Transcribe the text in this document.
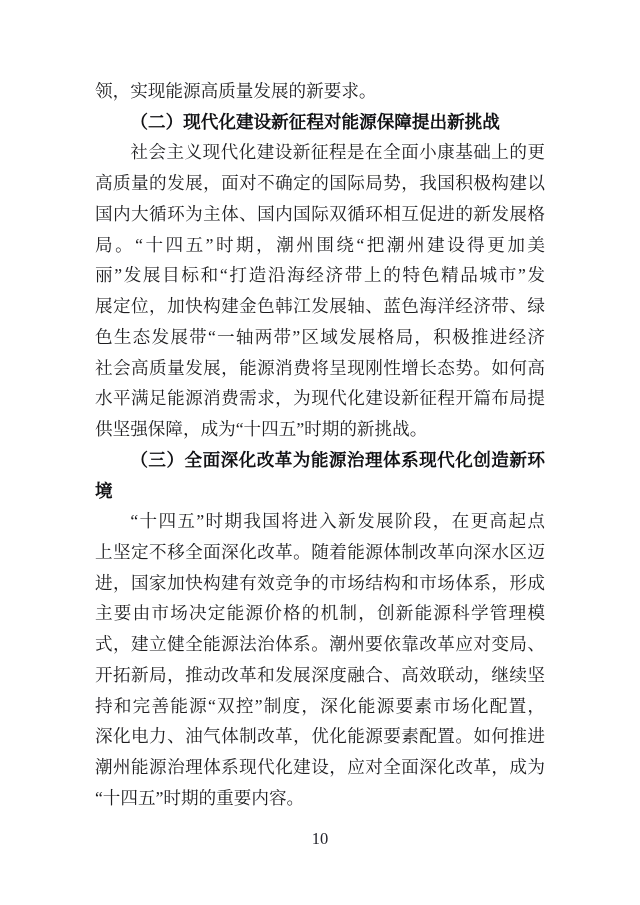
领，实现能源高质量发展的新要求。
（二）现代化建设新征程对能源保障提出新挑战
社会主义现代化建设新征程是在全面小康基础上的更
高质量的发展，面对不确定的国际局势，我国积极构建以
国内大循环为主体、国内国际双循环相互促进的新发展格
局。“十四五”时期，潮州围绕“把潮州建设得更加美
丽”发展目标和“打造沿海经济带上的特色精品城市”发
展定位，加快构建金色韩江发展轴、蓝色海洋经济带、绿
色生态发展带“一轴两带”区域发展格局，积极推进经济
社会高质量发展，能源消费将呈现刚性增长态势。如何高
水平满足能源消费需求，为现代化建设新征程开篇布局提
供坚强保障，成为“十四五”时期的新挑战。
（三）全面深化改革为能源治理体系现代化创造新环
境
“十四五”时期我国将进入新发展阶段，在更高起点
上坚定不移全面深化改革。随着能源体制改革向深水区迈
进，国家加快构建有效竞争的市场结构和市场体系，形成
主要由市场决定能源价格的机制，创新能源科学管理模
式，建立健全能源法治体系。潮州要依靠改革应对变局、
开拓新局，推动改革和发展深度融合、高效联动，继续坚
持和完善能源“双控”制度，深化能源要素市场化配置，
深化电力、油气体制改革，优化能源要素配置。如何推进
潮州能源治理体系现代化建设，应对全面深化改革，成为
“十四五”时期的重要内容。
10
